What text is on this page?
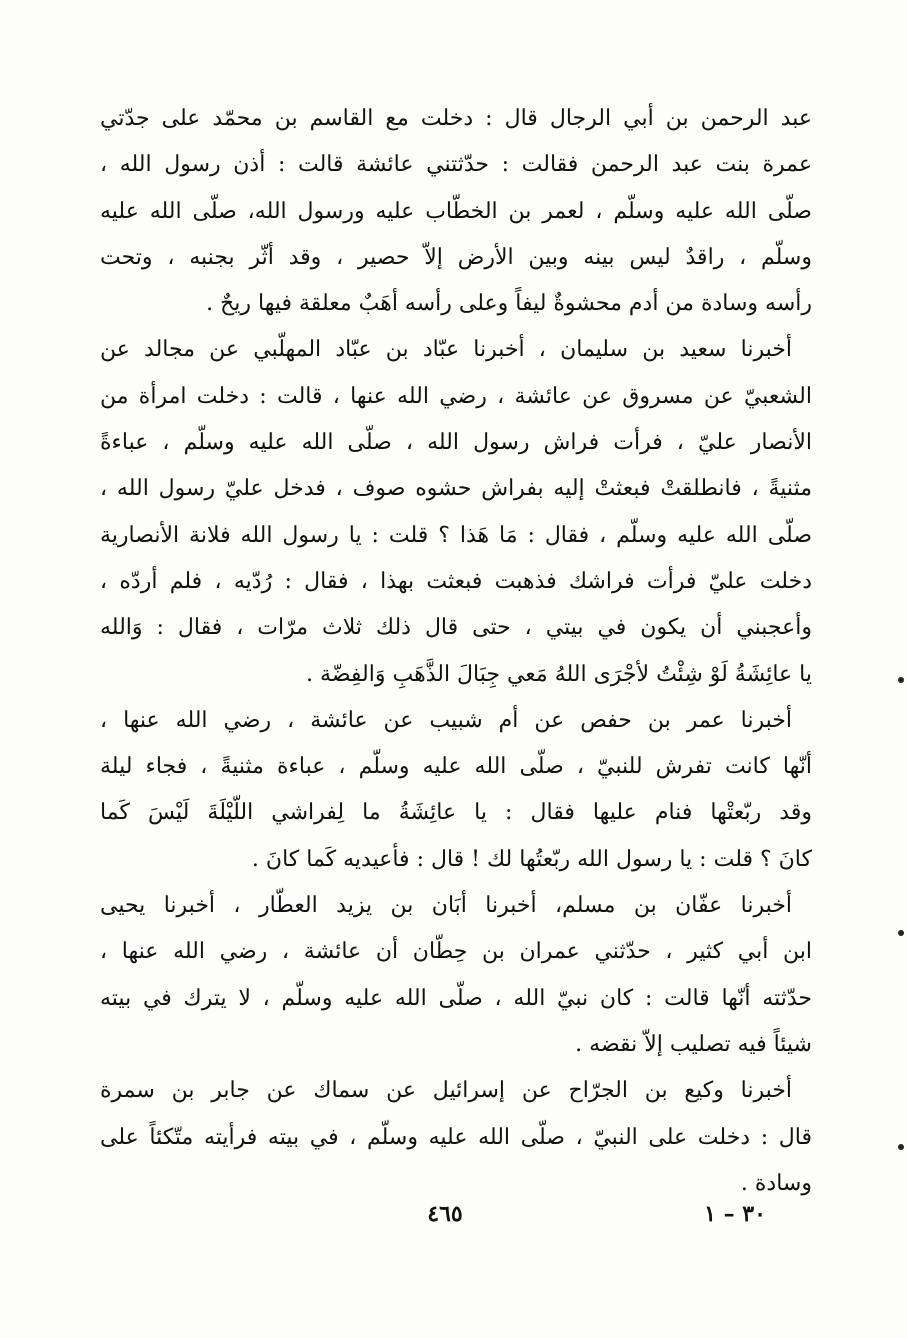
عبد الرحمن بن أبي الرجال قال : دخلت مع القاسم بن محمّد على جدّتي
عمرة بنت عبد الرحمن فقالت : حدّثتني عائشة قالت : أذن رسول الله ،
صلّى الله عليه وسلّم ، لعمر بن الخطّاب عليه ورسول الله، صلّى الله عليه
وسلّم ، راقدٌ ليس بينه وبين الأرض إلاّ حصير ، وقد أثّر بجنبه ، وتحت
رأسه وسادة من أدم محشوةٌ ليفاً وعلى رأسه أهَبٌ معلقة فيها ريحٌ .
أخبرنا سعيد بن سليمان ، أخبرنا عبّاد بن عبّاد المهلّبي عن مجالد عن
الشعبيّ عن مسروق عن عائشة ، رضي الله عنها ، قالت : دخلت امرأة من
الأنصار عليّ ، فرأت فراش رسول الله ، صلّى الله عليه وسلّم ، عباءةً
مثنيةً ، فانطلقتْ فبعثتْ إليه بفراش حشوه صوف ، فدخل عليّ رسول الله ،
صلّى الله عليه وسلّم ، فقال : مَا هَذا ؟ قلت : يا رسول الله فلانة الأنصارية
دخلت عليّ فرأت فراشك فذهبت فبعثت بهذا ، فقال : رُدّيه ، فلم أردّه ،
وأعجبني أن يكون في بيتي ، حتى قال ذلك ثلاث مرّات ، فقال : وَالله
يا عائِشَةُ لَوْ شِئْتُ لأجْرَى اللهُ مَعي جِبَالَ الذَّهَبِ وَالفِضّة .
أخبرنا عمر بن حفص عن أم شبيب عن عائشة ، رضي الله عنها ،
أنّها كانت تفرش للنبيّ ، صلّى الله عليه وسلّم ، عباءة مثنيةً ، فجاء ليلة
وقد ربّعتْها فنام عليها فقال : يا عائِشَةُ ما لِفراشي اللّيْلَةَ لَيْسَ كَما
كانَ ؟ قلت : يا رسول الله ربّعتُها لك ! قال : فأعيديه كَما كانَ .
أخبرنا عفّان بن مسلم، أخبرنا أبَان بن يزيد العطّار ، أخبرنا يحيى
ابن أبي كثير ، حدّثني عمران بن حِطّان أن عائشة ، رضي الله عنها ،
حدّثته أنّها قالت : كان نبيّ الله ، صلّى الله عليه وسلّم ، لا يترك في بيته
شيئاً فيه تصليب إلاّ نقضه .
أخبرنا وكيع بن الجرّاح عن إسرائيل عن سماك عن جابر بن سمرة
قال : دخلت على النبيّ ، صلّى الله عليه وسلّم ، في بيته فرأيته متّكئاً على
وسادة .
٤٦٥	٣٠ – ١
